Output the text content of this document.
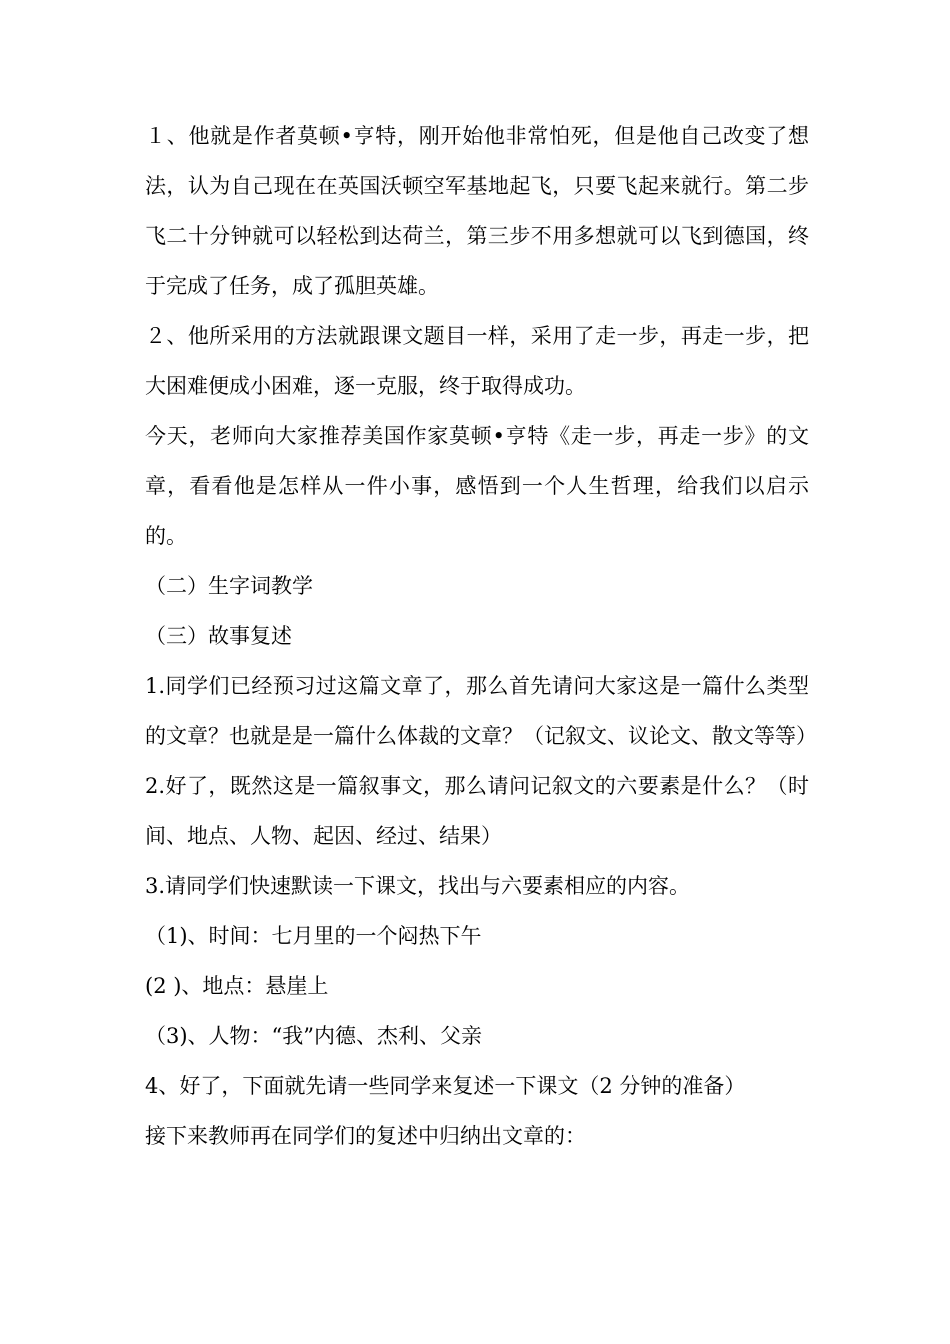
１、他就是作者莫顿•亨特，刚开始他非常怕死，但是他自己改变了想法，认为自己现在在英国沃顿空军基地起飞，只要飞起来就行。第二步飞二十分钟就可以轻松到达荷兰，第三步不用多想就可以飞到德国，终于完成了任务，成了孤胆英雄。

２、他所采用的方法就跟课文题目一样，采用了走一步，再走一步，把大困难便成小困难，逐一克服，终于取得成功。

今天，老师向大家推荐美国作家莫顿•亨特《走一步，再走一步》的文章，看看他是怎样从一件小事，感悟到一个人生哲理，给我们以启示的。

（二）生字词教学

（三）故事复述

1.同学们已经预习过这篇文章了，那么首先请问大家这是一篇什么类型的文章？也就是是一篇什么体裁的文章？（记叙文、议论文、散文等等）

2.好了，既然这是一篇叙事文，那么请问记叙文的六要素是什么？（时间、地点、人物、起因、经过、结果）

3.请同学们快速默读一下课文，找出与六要素相应的内容。

（1)、时间：七月里的一个闷热下午

(2 )、地点：悬崖上

（3)、人物：“我”内德、杰利、父亲

4、好了，下面就先请一些同学来复述一下课文（2 分钟的准备）

接下来教师再在同学们的复述中归纳出文章的：
